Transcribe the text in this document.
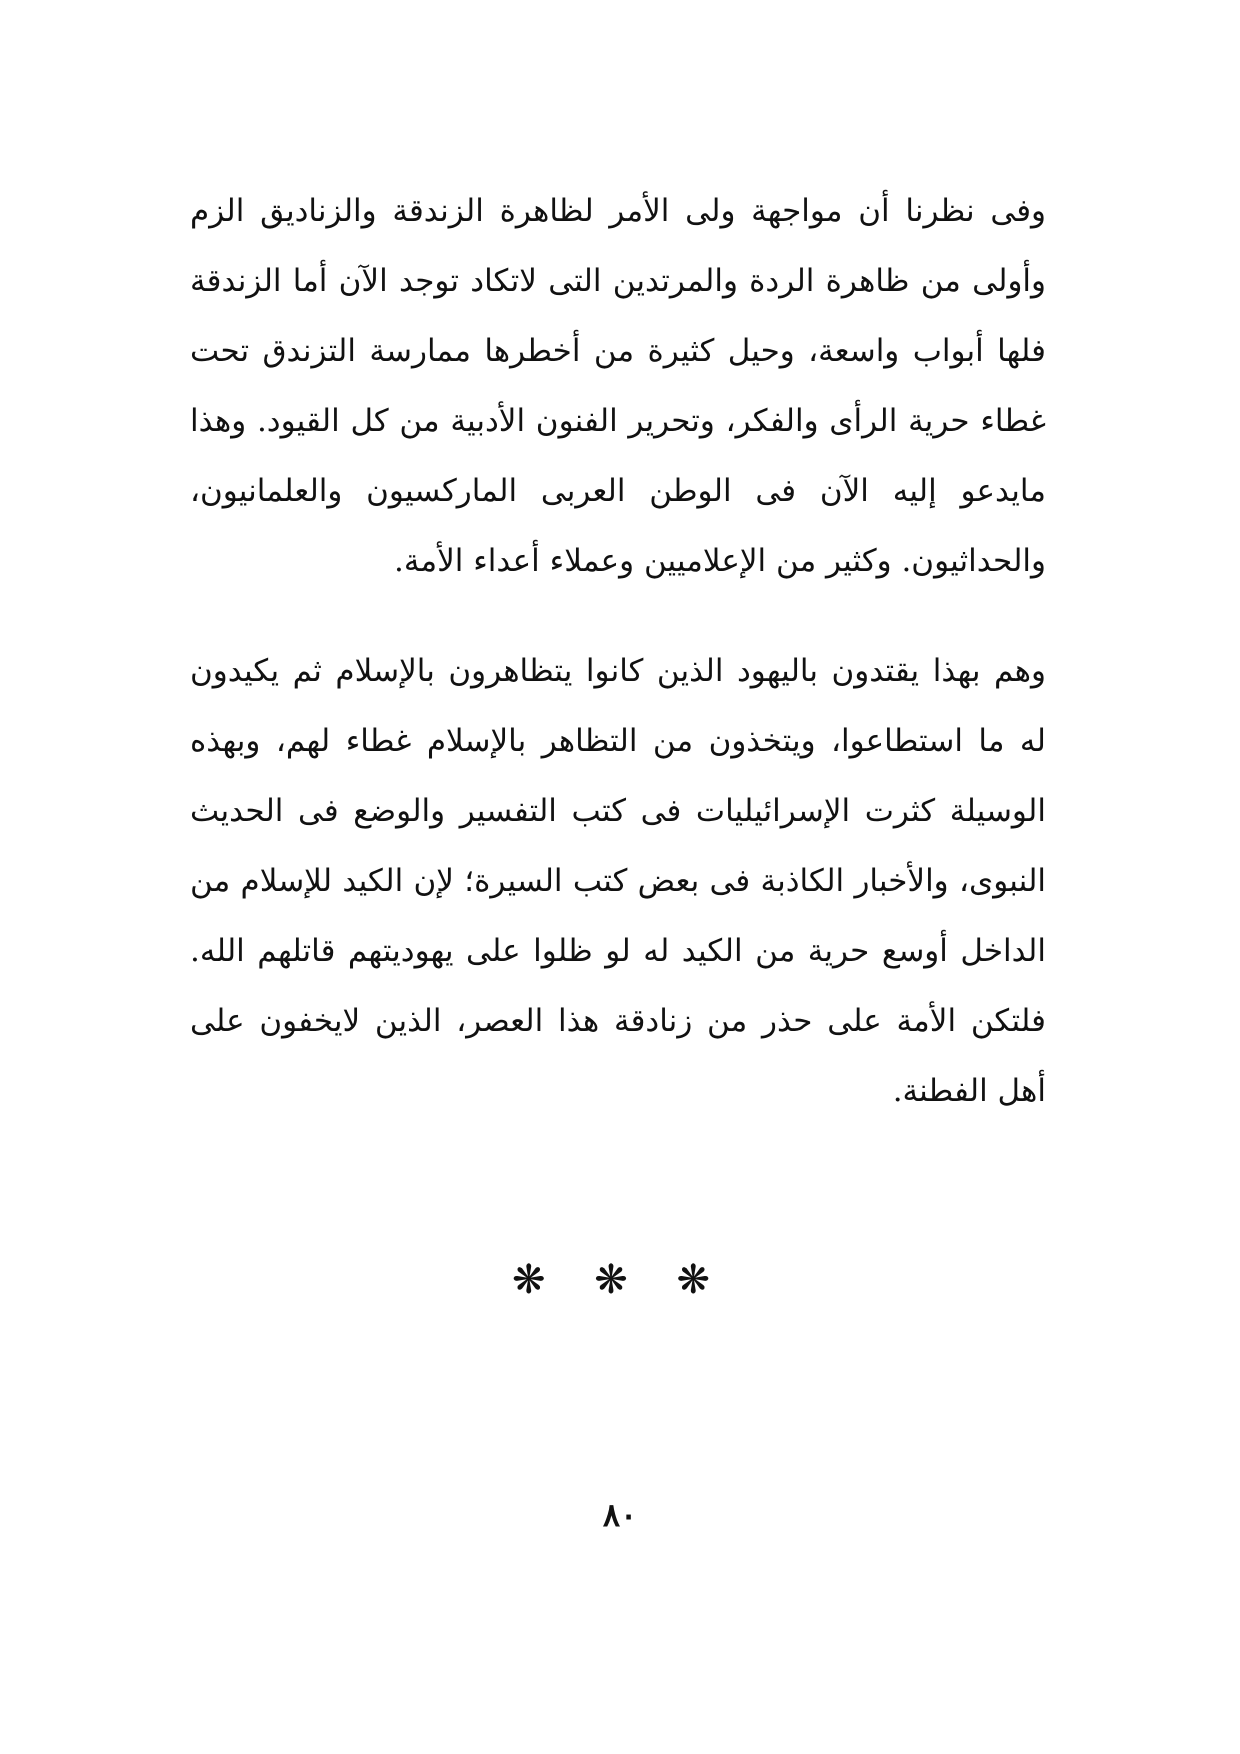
وفى نظرنا أن مواجهة ولى الأمر لظاهرة الزندقة والزناديق الزم وأولى من ظاهرة الردة والمرتدين التى لاتكاد توجد الآن أما الزندقة فلها أبواب واسعة، وحيل كثيرة من أخطرها ممارسة التزندق تحت غطاء حرية الرأى والفكر، وتحرير الفنون الأدبية من كل القيود. وهذا مايدعو إليه الآن فى الوطن العربى الماركسيون والعلمانيون، والحداثيون. وكثير من الإعلاميين وعملاء أعداء الأمة.

وهم بهذا يقتدون باليهود الذين كانوا يتظاهرون بالإسلام ثم يكيدون له ما استطاعوا، ويتخذون من التظاهر بالإسلام غطاء لهم، وبهذه الوسيلة كثرت الإسرائيليات فى كتب التفسير والوضع فى الحديث النبوى، والأخبار الكاذبة فى بعض كتب السيرة؛ لإن الكيد للإسلام من الداخل أوسع حرية من الكيد له لو ظلوا على يهوديتهم قاتلهم الله. فلتكن الأمة على حذر من زنادقة هذا العصر، الذين لايخفون على أهل الفطنة.

❋ ❋ ❋
٨٠
